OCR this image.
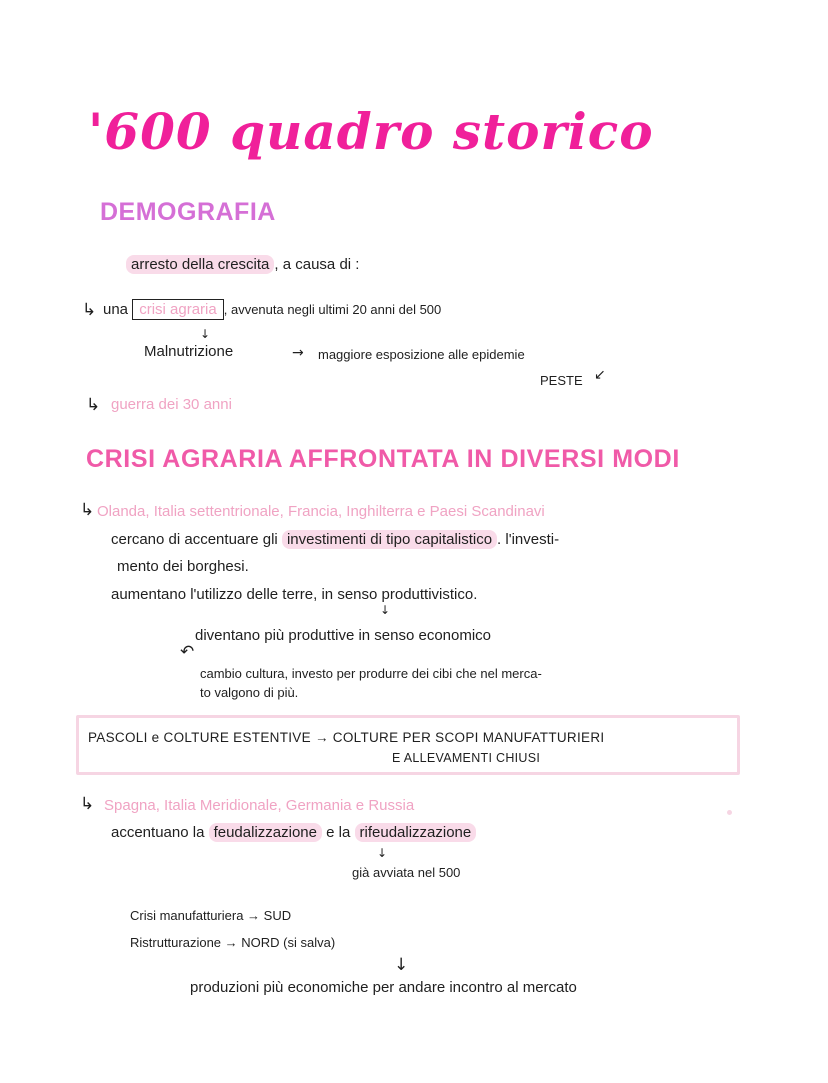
'600 quadro storico
DEMOGRAFIA
arresto della crescita , a causa di :
↳ una crisi agraria , avvenuta negli ultimi 20 anni del 500
↓
Malnutrizione	→ maggiore esposizione alle epidemie
PESTE ↙
↳ guerra dei 30 anni
CRISI AGRARIA AFFRONTATA IN DIVERSI MODI
↳ Olanda, Italia settentrionale, Francia, Inghilterra e Paesi Scandinavi
cercano di accentuare gli investimenti di tipo capitalistico . l'investi-
mento dei borghesi.
aumentano l'utilizzo delle terre, in senso produttivistico.
↓
diventano più produttive in senso economico
↶
cambio cultura, investo per produrre dei cibi che nel merca-
to valgono di più.
PASCOLI e COLTURE ESTENTIVE → COLTURE PER SCOPI MANUFATTURIERI
E ALLEVAMENTI CHIUSI
↳ Spagna, Italia Meridionale, Germania e Russia
accentuano la feudalizzazione e la rifeudalizzazione
↓
già avviata nel 500
Crisi manufatturiera → SUD
Ristrutturazione → NORD (si salva)
↓
produzioni più economiche per andare incontro al mercato
